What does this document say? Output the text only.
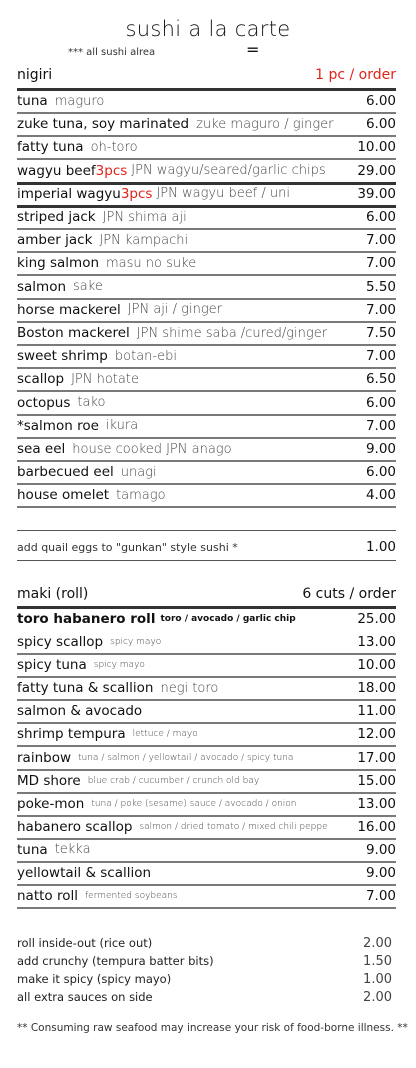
sushi a la carte
*** all sushi alrea	=
nigiri	1 pc / order
tuna maguro	6.00
zuke tuna, soy marinated zuke maguro / ginger 6.00
fatty tuna oh-toro	10.00
wagyu beef 3pcs JPN wagyu/seared/garlic chips 29.00
imperial wagyu 3pcs JPN wagyu beef / uni	39.00
striped jack JPN shima aji	6.00
amber jack JPN kampachi	7.00
king salmon masu no suke	7.00
salmon sake	5.50
horse mackerel JPN aji / ginger	7.00
Boston mackerel JPN shime saba /cured/ginger	7.50
sweet shrimp botan-ebi	7.00
scallop JPN hotate	6.50
octopus tako	6.00
*salmon roe ikura	7.00
sea eel house cooked JPN anago	9.00
barbecued eel unagi	6.00
house omelet tamago	4.00
add quail eggs to "gunkan" style sushi *	1.00
maki (roll)	6 cuts / order
toro habanero roll toro / avocado / garlic chip	25.00
spicy scallop spicy mayo	13.00
spicy tuna spicy mayo	10.00
fatty tuna & scallion negi toro	18.00
salmon & avocado	11.00
shrimp tempura lettuce / mayo	12.00
rainbow tuna / salmon / yellowtail / avocado / spicy tuna	17.00
MD shore blue crab / cucumber / crunch old bay	15.00
poke-mon tuna / poke (sesame) sauce / avocado / onion	13.00
habanero scallop salmon / dried tomato / mixed chili peppe 16.00
tuna tekka	9.00
yellowtail & scallion	9.00
natto roll fermented soybeans	7.00
roll inside-out (rice out)	2.00
add crunchy (tempura batter bits)	1.50
make it spicy (spicy mayo)	1.00
all extra sauces on side	2.00
** Consuming raw seafood may increase your risk of food-borne illness. **
